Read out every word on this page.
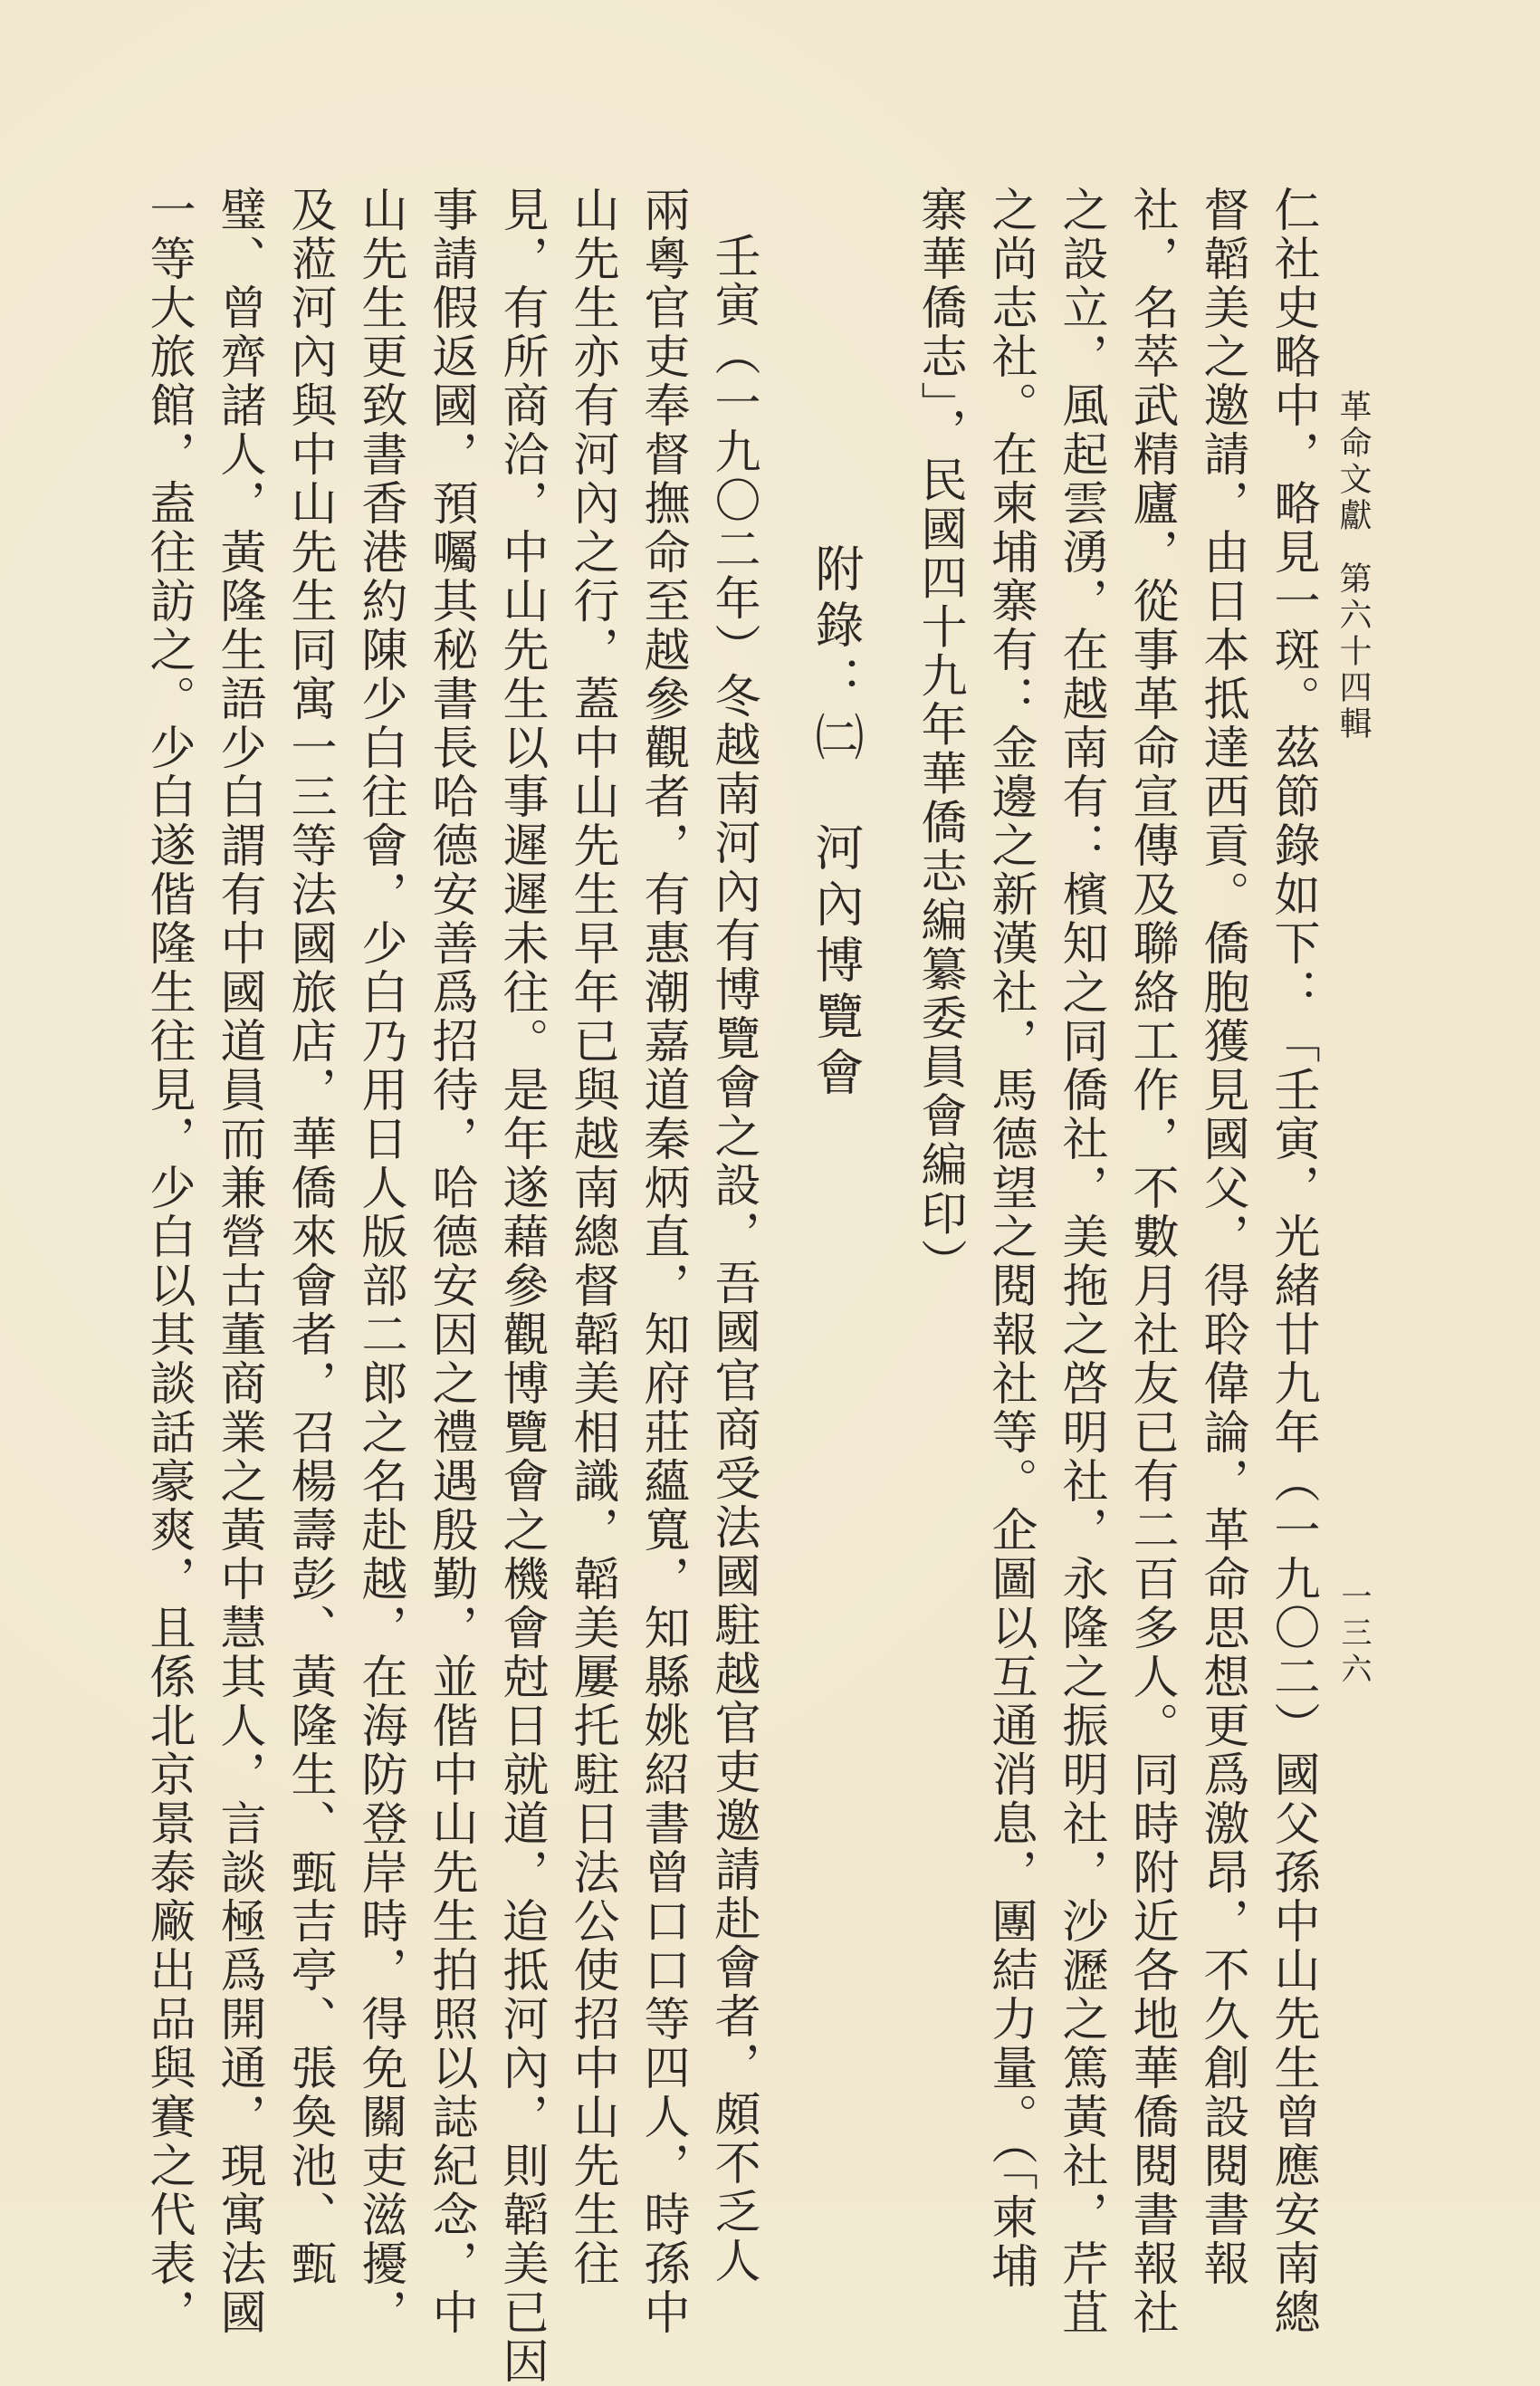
革命文獻第六十四輯
一三六
仁社史略中，略見一斑。茲節錄如下：「壬寅，光緒廿九年（一九〇二）國父孫中山先生曾應安南總
督韜美之邀請，由日本抵達西貢。僑胞獲見國父，得聆偉論，革命思想更爲激昂，不久創設閱書報
社，名萃武精廬，從事革命宣傳及聯絡工作，不數月社友已有二百多人。同時附近各地華僑閱書報社
之設立，風起雲湧，在越南有：檳知之同僑社，美拖之啓明社，永隆之振明社，沙瀝之篤黃社，芹苴
之尚志社。在柬埔寨有：金邊之新漢社，馬德望之閱報社等。企圖以互通消息，團結力量。（「柬埔
寨華僑志」，民國四十九年華僑志編纂委員會編印）
附錄：㈡河內博覽會
壬寅（一九〇二年）冬越南河內有博覽會之設，吾國官商受法國駐越官吏邀請赴會者，頗不乏人
兩粵官吏奉督撫命至越參觀者，有惠潮嘉道秦炳直，知府莊蘊寬，知縣姚紹書曾口口等四人，時孫中
山先生亦有河內之行，蓋中山先生早年已與越南總督韜美相識，韜美屢托駐日法公使招中山先生往
見，有所商洽，中山先生以事遲遲未往。是年遂藉參觀博覽會之機會尅日就道，迨抵河內，則韜美已因
事請假返國，預囑其秘書長哈德安善爲招待，哈德安因之禮遇殷勤，並偕中山先生拍照以誌紀念，中
山先生更致書香港約陳少白往會，少白乃用日人版部二郎之名赴越，在海防登岸時，得免關吏滋擾，
及蒞河內與中山先生同寓一三等法國旅店，華僑來會者，召楊壽彭、黃隆生、甄吉亭、張奐池、甄
璧、曾齊諸人，黃隆生語少白謂有中國道員而兼營古董商業之黃中慧其人，言談極爲開通，現寓法國
一等大旅館，盍往訪之。少白遂偕隆生往見，少白以其談話豪爽，且係北京景泰廠出品與賽之代表，
